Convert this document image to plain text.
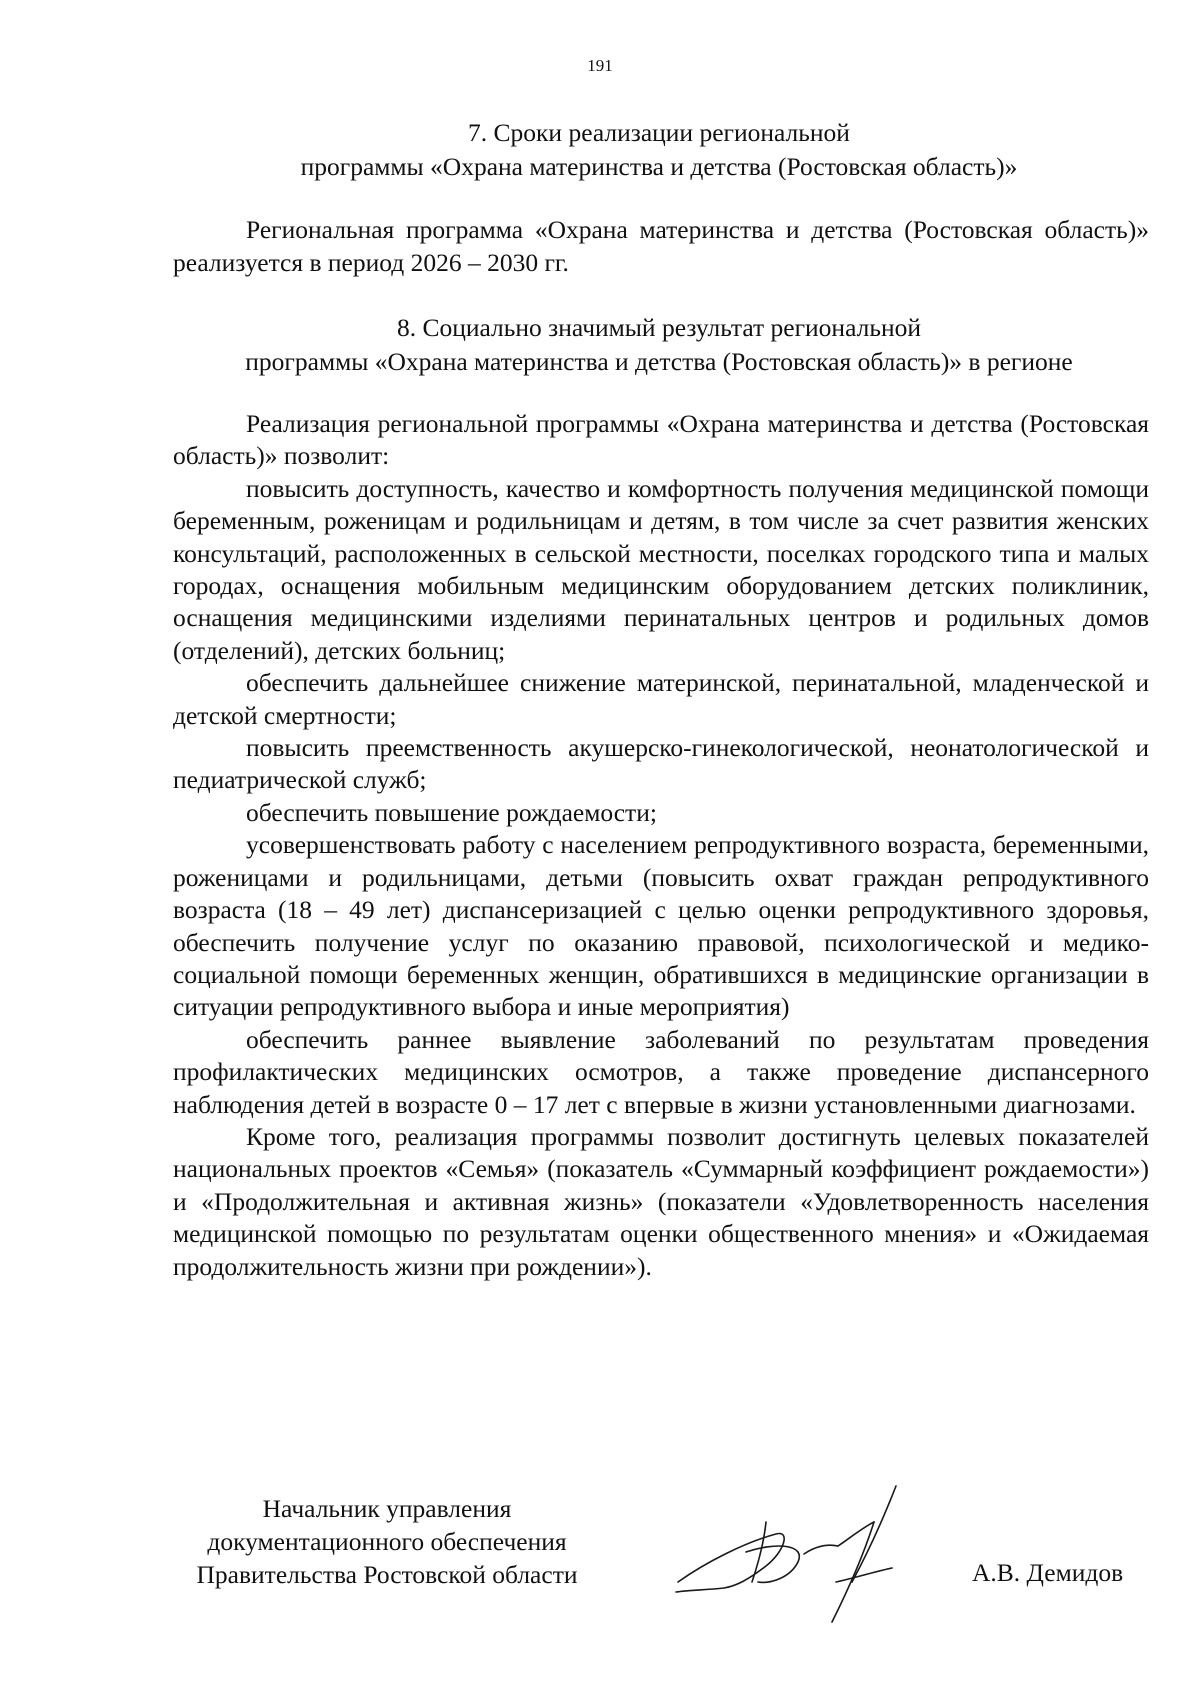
191
7. Сроки реализации региональной
программы «Охрана материнства и детства (Ростовская область)»

Региональная программа «Охрана материнства и детства (Ростовская область)» реализуется в период 2026 – 2030 гг.

8. Социально значимый результат региональной
программы «Охрана материнства и детства (Ростовская область)» в регионе

Реализация региональной программы «Охрана материнства и детства (Ростовская область)» позволит:

повысить доступность, качество и комфортность получения медицинской помощи беременным, роженицам и родильницам и детям, в том числе за счет развития женских консультаций, расположенных в сельской местности, поселках городского типа и малых городах, оснащения мобильным медицинским оборудованием детских поликлиник, оснащения медицинскими изделиями перинатальных центров и родильных домов (отделений), детских больниц;

обеспечить дальнейшее снижение материнской, перинатальной, младенческой и детской смертности;

повысить преемственность акушерско-гинекологической, неонатологической и педиатрической служб;

обеспечить повышение рождаемости;

усовершенствовать работу с населением репродуктивного возраста, беременными, роженицами и родильницами, детьми (повысить охват граждан репродуктивного возраста (18 – 49 лет) диспансеризацией с целью оценки репродуктивного здоровья, обеспечить получение услуг по оказанию правовой, психологической и медико-социальной помощи беременных женщин, обратившихся в медицинские организации в ситуации репродуктивного выбора и иные мероприятия)

обеспечить раннее выявление заболеваний по результатам проведения профилактических медицинских осмотров, а также проведение диспансерного наблюдения детей в возрасте 0 – 17 лет с впервые в жизни установленными диагнозами.

Кроме того, реализация программы позволит достигнуть целевых показателей национальных проектов «Семья» (показатель «Суммарный коэффициент рождаемости») и «Продолжительная и активная жизнь» (показатели «Удовлетворенность населения медицинской помощью по результатам оценки общественного мнения» и «Ожидаемая продолжительность жизни при рождении»).

Начальник управления
документационного обеспечения
Правительства Ростовской области	А.В. Демидов
